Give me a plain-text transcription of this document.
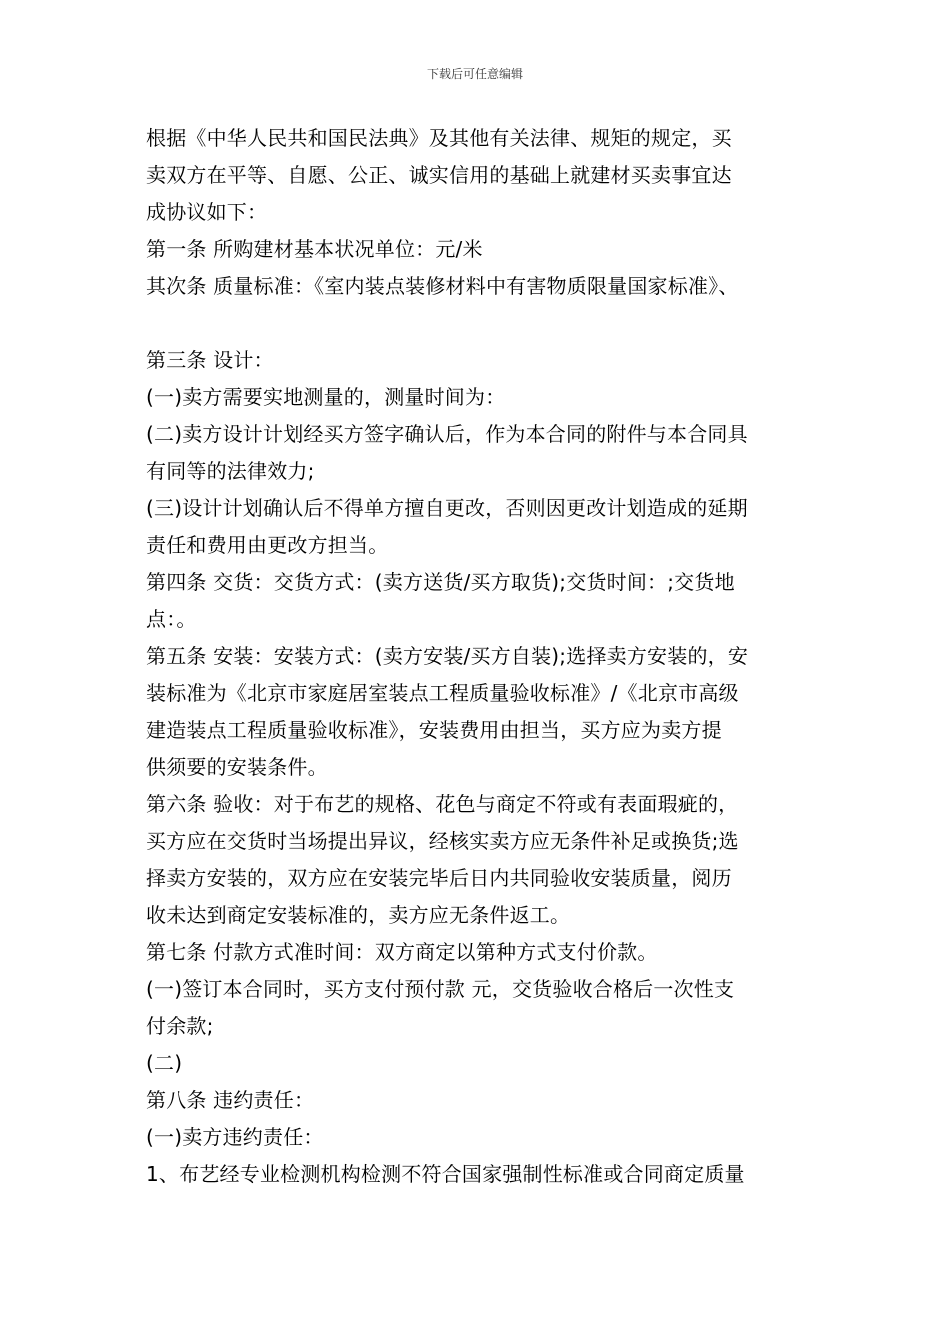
下载后可任意编辑

根据《中华人民共和国民法典》及其他有关法律、规矩的规定，买

卖双方在平等、自愿、公正、诚实信用的基础上就建材买卖事宜达

成协议如下：

第一条 所购建材基本状况单位：元/米

其次条 质量标准：《室内装点装修材料中有害物质限量国家标准》、

第三条 设计：

(一)卖方需要实地测量的，测量时间为：

(二)卖方设计计划经买方签字确认后，作为本合同的附件与本合同具

有同等的法律效力;

(三)设计计划确认后不得单方擅自更改，否则因更改计划造成的延期

责任和费用由更改方担当。

第四条 交货：交货方式：(卖方送货/买方取货);交货时间：;交货地

点：。

第五条 安装：安装方式：(卖方安装/买方自装);选择卖方安装的，安

装标准为《北京市家庭居室装点工程质量验收标准》/《北京市高级

建造装点工程质量验收标准》，安装费用由担当，买方应为卖方提

供须要的安装条件。

第六条 验收：对于布艺的规格、花色与商定不符或有表面瑕疵的，

买方应在交货时当场提出异议，经核实卖方应无条件补足或换货;选

择卖方安装的，双方应在安装完毕后日内共同验收安装质量，阅历

收未达到商定安装标准的，卖方应无条件返工。

第七条 付款方式准时间：双方商定以第种方式支付价款。

(一)签订本合同时，买方支付预付款 元，交货验收合格后一次性支

付余款;

(二)

第八条 违约责任：

(一)卖方违约责任：

1、布艺经专业检测机构检测不符合国家强制性标准或合同商定质量
